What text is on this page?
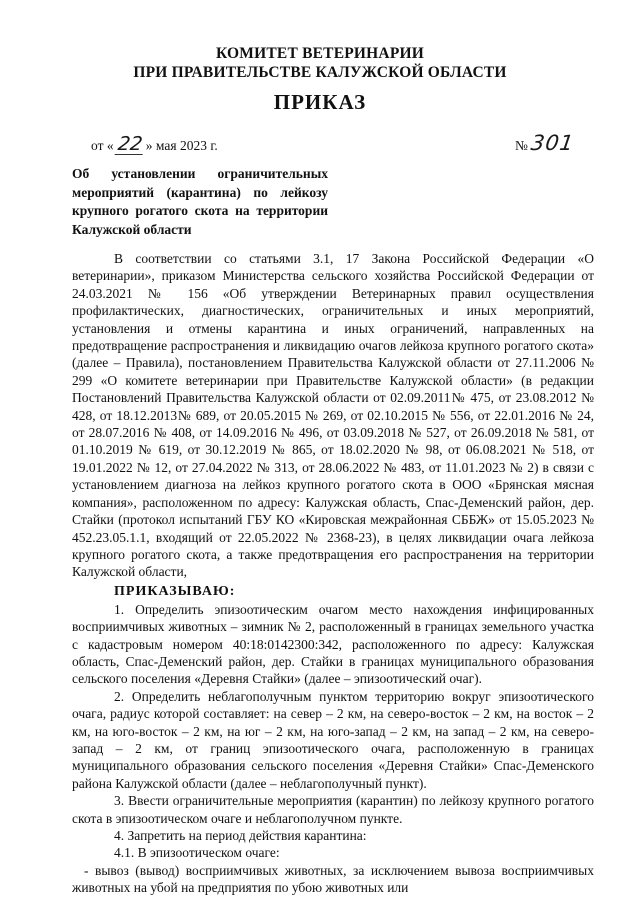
КОМИТЕТ ВЕТЕРИНАРИИ
ПРИ ПРАВИТЕЛЬСТВЕ КАЛУЖСКОЙ ОБЛАСТИ
ПРИКАЗ
от « 22 » мая 2023 г.	№ 301
Об установлении ограничительных
мероприятий (карантина) по лейкозу
крупного рогатого скота на территории
Калужской области

В соответствии со статьями 3.1, 17 Закона Российской Федерации «О ветеринарии», приказом Министерства сельского хозяйства Российской Федерации от 24.03.2021 № 156 «Об утверждении Ветеринарных правил осуществления профилактических, диагностических, ограничительных и иных мероприятий, установления и отмены карантина и иных ограничений, направленных на предотвращение распространения и ликвидацию очагов лейкоза крупного рогатого скота» (далее – Правила), постановлением Правительства Калужской области от 27.11.2006 № 299 «О комитете ветеринарии при Правительстве Калужской области» (в редакции Постановлений Правительства Калужской области от 02.09.2011№ 475, от 23.08.2012 № 428, от 18.12.2013№ 689, от 20.05.2015 № 269, от 02.10.2015 № 556, от 22.01.2016 № 24, от 28.07.2016 № 408, от 14.09.2016 № 496, от 03.09.2018 № 527, от 26.09.2018 № 581, от 01.10.2019 № 619, от 30.12.2019 № 865, от 18.02.2020 № 98, от 06.08.2021 № 518, от 19.01.2022 № 12, от 27.04.2022 № 313, от 28.06.2022 № 483, от 11.01.2023 № 2) в связи с установлением диагноза на лейкоз крупного рогатого скота в ООО «Брянская мясная компания», расположенном по адресу: Калужская область, Спас-Деменский район, дер. Стайки (протокол испытаний ГБУ КО «Кировская межрайонная СББЖ» от 15.05.2023 № 452.23.05.1.1, входящий от 22.05.2022 № 2368-23), в целях ликвидации очага лейкоза крупного рогатого скота, а также предотвращения его распространения на территории Калужской области,

ПРИКАЗЫВАЮ:

1. Определить эпизоотическим очагом место нахождения инфицированных восприимчивых животных – зимник № 2, расположенный в границах земельного участка с кадастровым номером 40:18:0142300:342, расположенного по адресу: Калужская область, Спас-Деменский район, дер. Стайки в границах муниципального образования сельского поселения «Деревня Стайки» (далее – эпизоотический очаг).

2. Определить неблагополучным пунктом территорию вокруг эпизоотического очага, радиус которой составляет: на север – 2 км, на северо-восток – 2 км, на восток – 2 км, на юго-восток – 2 км, на юг – 2 км, на юго-запад – 2 км, на запад – 2 км, на северо-запад – 2 км, от границ эпизоотического очага, расположенную в границах муниципального образования сельского поселения «Деревня Стайки» Спас-Деменского района Калужской области (далее – неблагополучный пункт).

3. Ввести ограничительные мероприятия (карантин) по лейкозу крупного рогатого скота в эпизоотическом очаге и неблагополучном пункте.

4. Запретить на период действия карантина:

4.1. В эпизоотическом очаге:

- вывоз (вывод) восприимчивых животных, за исключением вывоза восприимчивых животных на убой на предприятия по убою животных или
